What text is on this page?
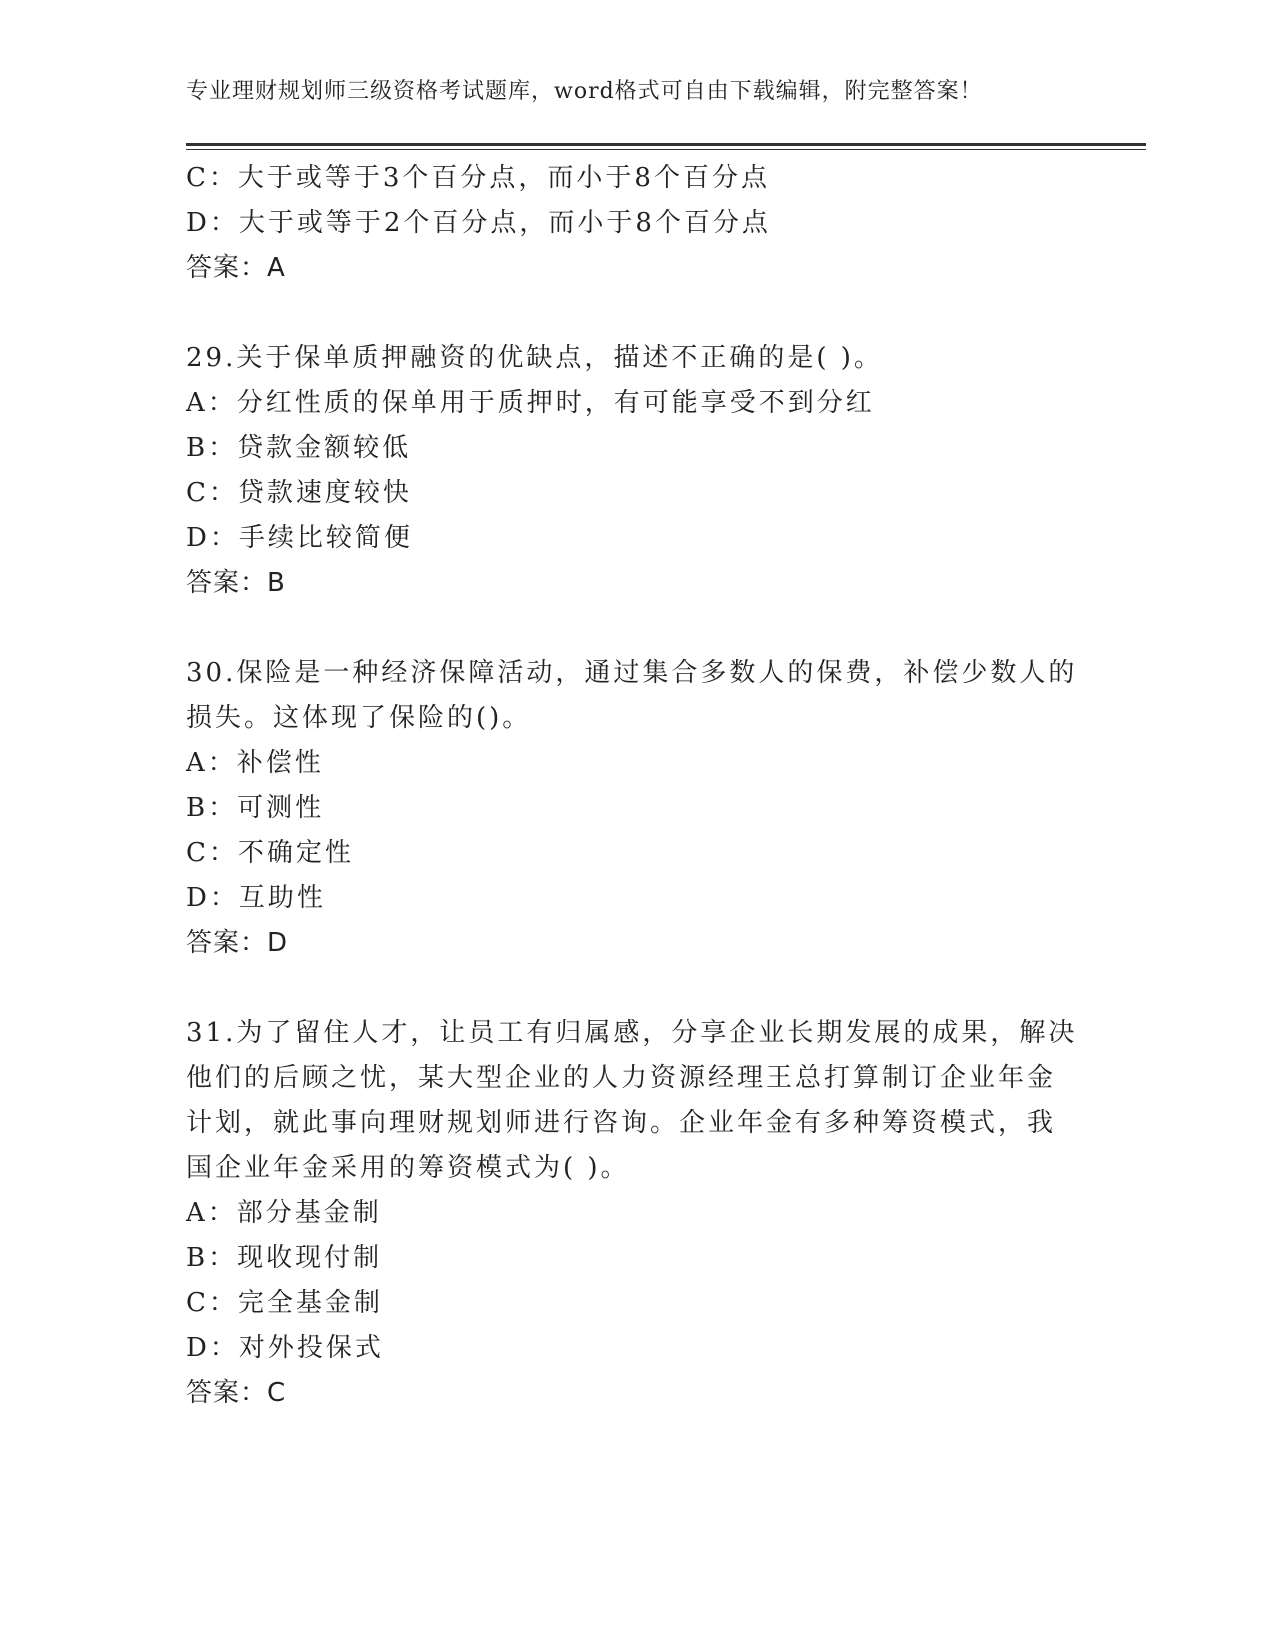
专业理财规划师三级资格考试题库，word格式可自由下载编辑，附完整答案！
C：大于或等于3个百分点，而小于8个百分点
D：大于或等于2个百分点，而小于8个百分点
答案：A
29.关于保单质押融资的优缺点，描述不正确的是( )。
A：分红性质的保单用于质押时，有可能享受不到分红
B：贷款金额较低
C：贷款速度较快
D：手续比较简便
答案：B
30.保险是一种经济保障活动，通过集合多数人的保费，补偿少数人的
损失。这体现了保险的()。
A：补偿性
B：可测性
C：不确定性
D：互助性
答案：D
31.为了留住人才，让员工有归属感，分享企业长期发展的成果，解决
他们的后顾之忧，某大型企业的人力资源经理王总打算制订企业年金
计划，就此事向理财规划师进行咨询。企业年金有多种筹资模式，我
国企业年金采用的筹资模式为( )。
A：部分基金制
B：现收现付制
C：完全基金制
D：对外投保式
答案：C
